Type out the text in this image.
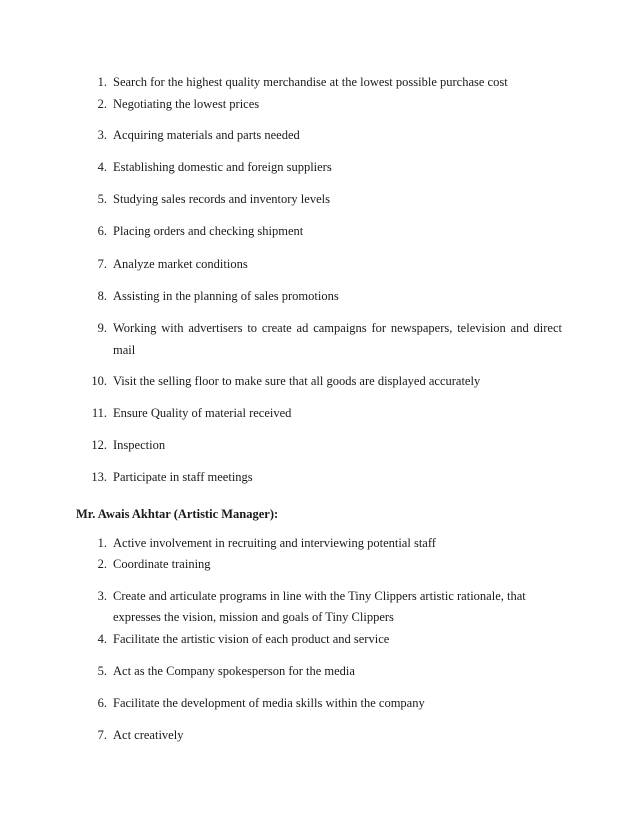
1. Search for the highest quality merchandise at the lowest possible purchase cost
2. Negotiating the lowest prices
3. Acquiring materials and parts needed
4. Establishing domestic and foreign suppliers
5. Studying sales records and inventory levels
6. Placing orders and checking shipment
7. Analyze market conditions
8. Assisting in the planning of sales promotions
9. Working with advertisers to create ad campaigns for newspapers, television and direct
mail
10. Visit the selling floor to make sure that all goods are displayed accurately
11. Ensure Quality of material received
12. Inspection
13. Participate in staff meetings
Mr. Awais Akhtar (Artistic Manager):
1. Active involvement in recruiting and interviewing potential staff
2. Coordinate training
3. Create and articulate programs in line with the Tiny Clippers artistic rationale, that
expresses the vision, mission and goals of Tiny Clippers
4. Facilitate the artistic vision of each product and service
5. Act as the Company spokesperson for the media
6. Facilitate the development of media skills within the company
7. Act creatively
